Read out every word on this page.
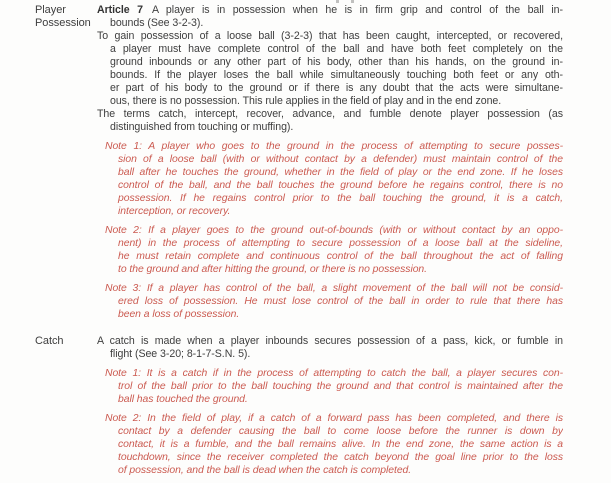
Player
Possession
Article 7 A player is in possession when he is in firm grip and control of the ball in-
bounds (See 3-2-3).
To gain possession of a loose ball (3-2-3) that has been caught, intercepted, or recovered,
a player must have complete control of the ball and have both feet completely on the
ground inbounds or any other part of his body, other than his hands, on the ground in-
bounds. If the player loses the ball while simultaneously touching both feet or any oth-
er part of his body to the ground or if there is any doubt that the acts were simultane-
ous, there is no possession. This rule applies in the field of play and in the end zone.
The terms catch, intercept, recover, advance, and fumble denote player possession (as
distinguished from touching or muffing).
Note 1: A player who goes to the ground in the process of attempting to secure posses-
sion of a loose ball (with or without contact by a defender) must maintain control of the
ball after he touches the ground, whether in the field of play or the end zone. If he loses
control of the ball, and the ball touches the ground before he regains control, there is no
possession. If he regains control prior to the ball touching the ground, it is a catch,
interception, or recovery.
Note 2: If a player goes to the ground out-of-bounds (with or without contact by an oppo-
nent) in the process of attempting to secure possession of a loose ball at the sideline,
he must retain complete and continuous control of the ball throughout the act of falling
to the ground and after hitting the ground, or there is no possession.
Note 3: If a player has control of the ball, a slight movement of the ball will not be consid-
ered loss of possession. He must lose control of the ball in order to rule that there has
been a loss of possession.
Catch	A catch is made when a player inbounds secures possession of a pass, kick, or fumble in
flight (See 3-20; 8-1-7-S.N. 5).
Note 1: It is a catch if in the process of attempting to catch the ball, a player secures con-
trol of the ball prior to the ball touching the ground and that control is maintained after the
ball has touched the ground.
Note 2: In the field of play, if a catch of a forward pass has been completed, and there is
contact by a defender causing the ball to come loose before the runner is down by
contact, it is a fumble, and the ball remains alive. In the end zone, the same action is a
touchdown, since the receiver completed the catch beyond the goal line prior to the loss
of possession, and the ball is dead when the catch is completed.
